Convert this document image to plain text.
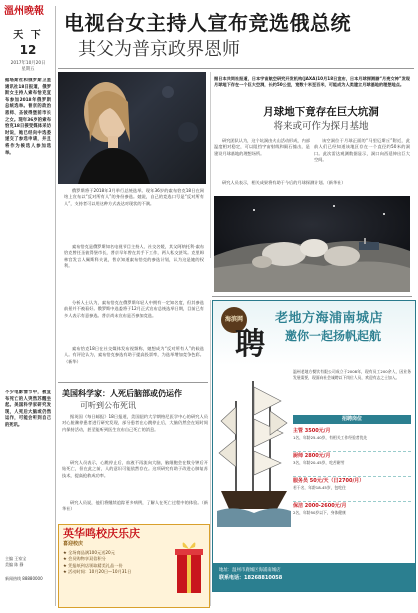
溫州晚報
天 下
12
2017年10月20日
星期五
据塔斯社和俄罗斯卫星通讯社18日报道，俄罗斯女主持人索布恰克宣布参加2018年俄罗斯总统选举。普京的政治恩师、圣彼得堡前市长之女。现年36岁的索布恰克18日接受媒体采访时说，她已经向中选委递交了参选申请，并且将作为候选人参加选举。
不少电影情节中，被宣布死亡的人突然苏醒坐起。美国科学家研究发现，人死后大脑或仍然运作，可能会听到自己的死讯。
主编 王家宝
美编 陈 静
新闻热线 88880000
电视台女主持人宣布竞选俄总统
其父为普京政界恩师

俄罗斯将于2018年3月举行总统选举。现年36岁的索布恰克18日在网络上宣布以“反对所有人”的身份参选。她说，自己的竞选口号是“反对所有人”，支持者可以用这种方式表达对现状的不满。

索布恰克是俄罗斯知名电视节目主持人、社交名媛，其父阿纳托利·索布恰克曾任圣彼得堡市长，普京早年曾在其手下工作，两人私交甚笃。克里姆林宫发言人佩斯科夫说，普京知道索布恰克的参选计划，认为这是她的权利。

分析人士认为，索布恰克在俄罗斯年轻人中拥有一定知名度，但其参选前景并不被看好。俄罗斯中选委将于12月正式宣布总统选举日期，目前已有多人表示有意参选。普京尚未宣布是否参加竞选。

索布恰克18日在社交媒体发布视频称，她想成为“反对所有人”的候选人。有评论认为，索布恰克参选有助于提高投票率，为选举增加竞争色彩。（新华）

据日本共同社报道，日本宇宙航空研究开发机构(JAXA)10月18日宣布，日本月球探测器“月亮女神”发现月球地下存在一个巨大空洞，长约50公里，宽数十米至百米，可能成为人类建立月球基地的理想地点。
月球地下竟存在巨大坑洞
将来或可作为探月基地

研究团队认为，这个坑洞由火山活动形成，内部温度相对稳定，可以阻挡宇宙射线和陨石撞击，是建设月球基地的理想场所。

该空洞位于月球正面的“马里厄斯丘”附近，此前人们已经知道该地区存在一个直径约50米的洞口。此次雷达观测数据显示，洞口向西延伸出巨大空间。

研究人员表示，相关成果将有助于今后的月球探测计划。（新华社）

海滨网
聘
老地方海浦南城店
邀你一起扬帆起航
温州老地方餐饮有限公司成立于2008年，现有员工200余人，因业务发展需要，现面向社会诚聘以下岗位人员，欢迎有志之士加入。
招聘岗位
主管 3500元/月
1名，年龄25-40岁，有相关工作经验者优先
厨师 2800元/月
3名，年龄20-45岁，吃苦耐劳
服务员 50元/天（日2700/月）
若干名，年龄18-45岁，包吃住
保洁 2000-2600元/月
2名，年龄50岁以下，身体健康
地址：温州市鹿城区海浦南城店
联系电话：18268810058
美国科学家：人死后脑部或仍运作
可听到公布死讯

据英国《每日邮报》18日报道，美国纽约大学朗格尼医学中心的研究人员对心脏骤停患者进行研究发现，部分患者在心跳停止后，大脑仍然会在短时间内保持活动，甚至能听到医生宣布自己死亡的消息。

研究人员表示，心跳停止后，血液不再流向大脑，脑细胞会在数分钟后开始死亡，但在此之前，人的意识可能依然存在。这项研究有助于改进心肺复苏技术，提高抢救成功率。

研究人员说，他们将继续追踪更多病例，了解人在死亡过程中的体验。（新华社）

英华鸣校庆乐庆
喜迎校庆
★ 全场商品满100元送20元
★ 会员购物享双倍积分
★ 凭报纸到店领取精美礼品一份
★ 活动时间：10月20日—10月31日
